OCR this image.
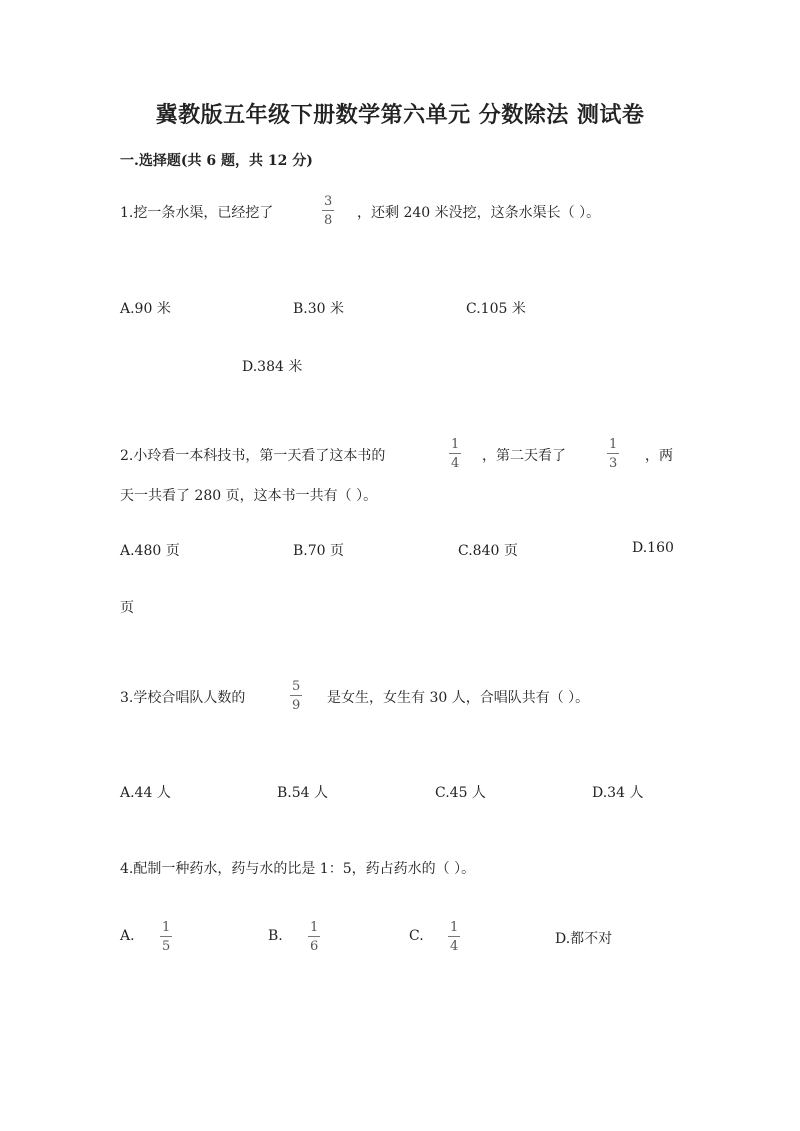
冀教版五年级下册数学第六单元 分数除法 测试卷
一.选择题(共 6 题，共 12 分)
1.挖一条水渠，已经挖了
3
8 ，还剩 240 米没挖，这条水渠长（ ）。
A.90 米	B.30 米	C.105 米
D.384 米
2.小玲看一本科技书，第一天看了这本书的
1
4 ，第二天看了
1
3 ，两
天一共看了 280 页，这本书一共有（ ）。
A.480 页	B.70 页	C.840 页	D.160
页
3.学校合唱队人数的
5
9 是女生，女生有 30 人，合唱队共有（ ）。
A.44 人	B.54 人	C.45 人	D.34 人
4.配制一种药水，药与水的比是 1：5，药占药水的（ ）。
A.
1
5
B.
1
6
C.
1
4	D.都不对
